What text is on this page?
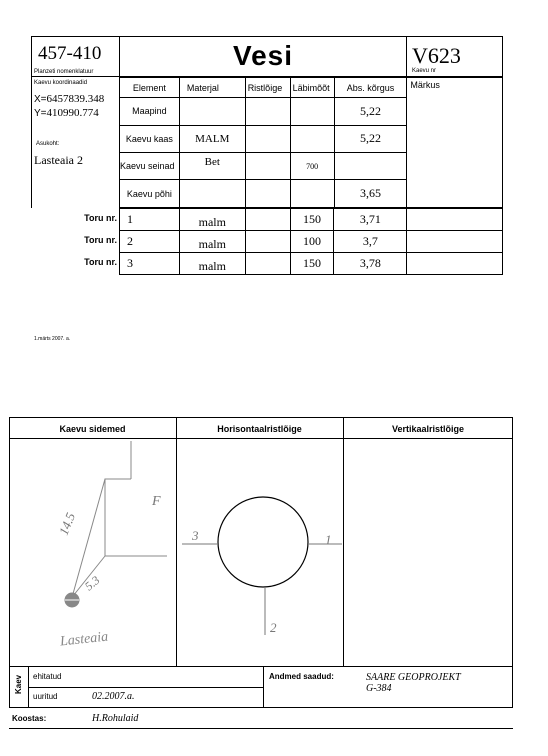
457-410
Planzeti nomenklatuur
Kaevu koordinaadid
X=6457839.348
Y=410990.774
Asukoht:
Lasteaia 2
Vesi	V623
Kaevu nr
Element	Materjal	Ristlõige	Läbimõõt	Abs. kõrgus	Märkus
Maapind				5,22	
Kaevu kaas	MALM			5,22	
Kaevu seinad	Bet		700		
Kaevu põhi				3,65	
Toru nr.
Toru nr.
Toru nr.
1	malm		150	3,71	
2	malm		100	3,7	
3	malm		150	3,78	
1.märts 2007. a.
Kaevu sidemed	Horisontaalristlõige	Vertikaalristlõige
14.5
5.3
F
Lasteaia
3	1
2
Kaev ehitatud
uuritud	02.2007.a.
Andmed saadud:	SAARE GEOPROJEKT
G-384
Koostas:	H.Rohulaid
